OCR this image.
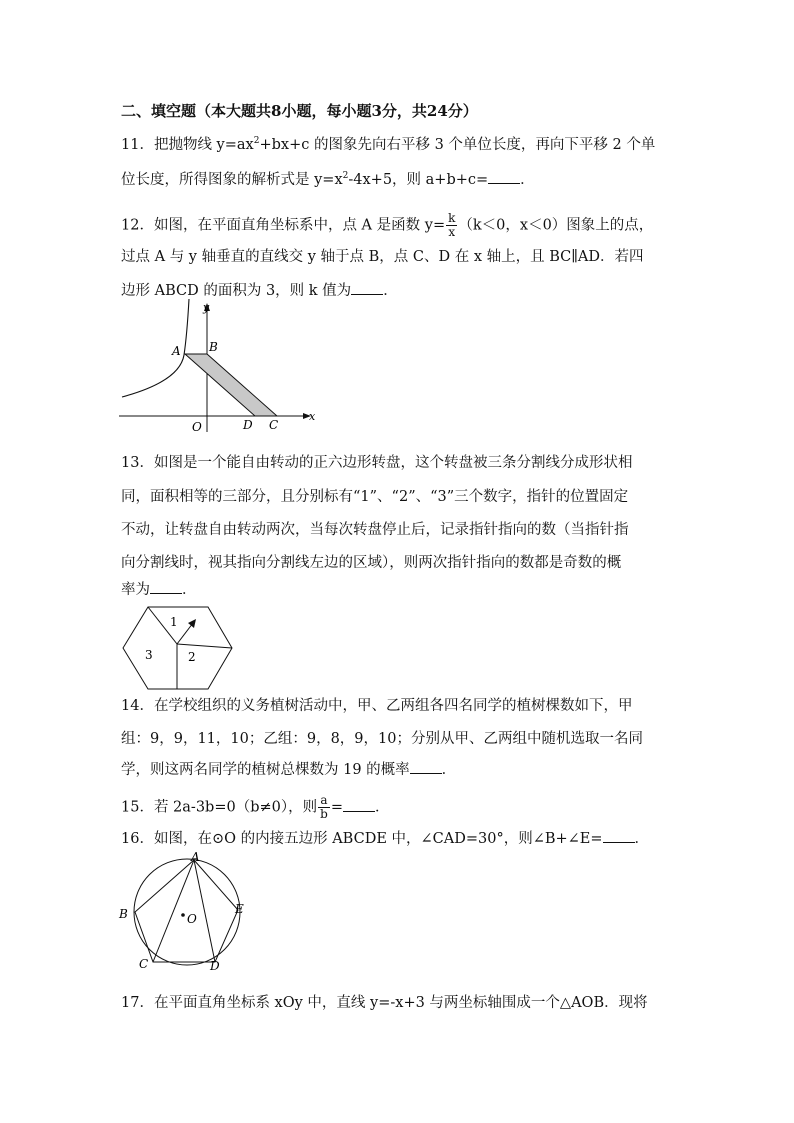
二、填空题（本大题共8小题，每小题3分，共24分）
11．把抛物线 $y=ax^2+bx+c$ 的图象先向右平移 3 个单位长度，再向下平移 2 个单
位长度，所得图象的解析式是 $y=x^2-4x+5$，则 a+b+c= ．
12．如图，在平面直角坐标系中，点 A 是函数 $y= \frac{k}{x} (k<0$，x＜0）图象上的点，
过点 A 与 y 轴垂直的直线交 y 轴于点 B，点 C、D 在 x 轴上，且 BC∥AD．若四
边形 ABCD 的面积为 3，则 k 值为 ．
y
x
A B
O	D C
13．如图是一个能自由转动的正六边形转盘，这个转盘被三条分割线分成形状相
同，面积相等的三部分，且分别标有“1”、“2”、“3”三个数字，指针的位置固定
不动，让转盘自由转动两次，当每次转盘停止后，记录指针指向的数（当指针指
向分割线时，视其指向分割线左边的区域），则两次指针指向的数都是奇数的概
率为 ．
1
2
3
14．在学校组织的义务植树活动中，甲、乙两组各四名同学的植树棵数如下，甲
组：9，9，11，10；乙组：9，8，9，10；分别从甲、乙两组中随机选取一名同
学，则这两名同学的植树总棵数为 19 的概率 ．
15．若 2a-3b=0（b≠0），则 $\frac{a}{b}$ = ．
16．如图，在⊙O 的内接五边形 ABCDE 中，∠CAD=30°，则∠B+∠E= ．
A
B
C	D
E
O
17．在平面直角坐标系 xOy 中，直线 y=-x+3 与两坐标轴围成一个△AOB．现将
